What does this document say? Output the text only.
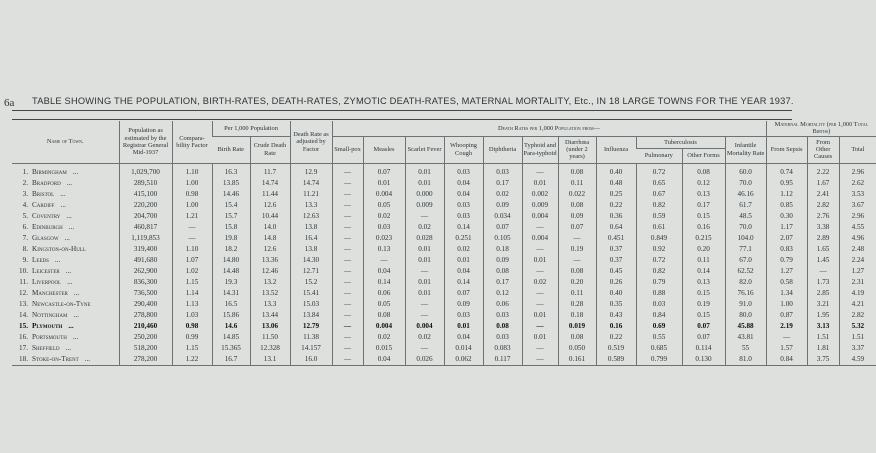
6a TABLE SHOWING THE POPULATION, BIRTH-RATES, DEATH-RATES, ZYMOTIC DEATH-RATES, MATERNAL MORTALITY, Etc., IN 18 LARGE TOWNS FOR THE YEAR 1937.
Name of Town.	Population as estimated by the Registrar General Mid-1937	Compara-bility Factor	Per 1,000 Population		Death Rate as adjusted by Factor	Death Rates per 1,000 Population from—											Maternal Mortality (per 1,000 Total Births)		
			Birth Rate	Crude Death Rate		Small-pox	Measles	Scarlet Fever	Whooping Cough	Diphtheria	Typhoid and Para-typhoid	Diarrhœa (under 2 years)	Influenza	Tuberculosis		Infantile Mortality Rate	From Sepsis	From Other Causes	Total
														Pulmonary	Other Forms				
1. Birmingham ...	1,029,700	1.10	16.3	11.7	12.9	—	0.07	0.01	0.03	0.03	—	0.08	0.40	0.72	0.08	60.0	0.74	2.22	2.96
2. Bradford ...	289,510	1.00	13.85	14.74	14.74	—	0.01	0.01	0.04	0.17	0.01	0.11	0.48	0.65	0.12	70.0	0.95	1.67	2.62
3. Bristol ...	415,100	0.98	14.46	11.44	11.21	—	0.004	0.000	0.04	0.02	0.002	0.022	0.25	0.67	0.13	46.16	1.12	2.41	3.53
4. Cardiff ...	220,200	1.00	15.4	12.6	13.3	—	0.05	0.009	0.03	0.09	0.009	0.08	0.22	0.82	0.17	61.7	0.85	2.82	3.67
5. Coventry ...	204,700	1.21	15.7	10.44	12.63	—	0.02	—	0.03	0.034	0.004	0.09	0.36	0.59	0.15	48.5	0.30	2.76	2.96
6. Edinburgh ...	460,817	—	15.8	14.0	13.8	—	0.03	0.02	0.14	0.07	—	0.07	0.64	0.61	0.16	70.0	1.17	3.38	4.55
7. Glasgow ...	1,119,853	—	19.8	14.8	16.4	—	0.023	0.028	0.251	0.105	0.004	—	0.451	0.849	0.215	104.0	2.07	2.89	4.96
8. Kingston-on-Hull	319,400	1.10	18.2	12.6	13.8	—	0.13	0.01	0.02	0.18	—	0.19	0.37	0.92	0.20	77.1	0.83	1.65	2.48
9. Leeds ...	491,680	1.07	14.80	13.36	14.30	—	—	0.01	0.01	0.09	0.01	—	0.37	0.72	0.11	67.0	0.79	1.45	2.24
10. Leicester ...	262,900	1.02	14.48	12.46	12.71	—	0.04	—	0.04	0.08	—	0.08	0.45	0.82	0.14	62.52	1.27	—	1.27
11. Liverpool ...	836,300	1.15	19.3	13.2	15.2	—	0.14	0.01	0.14	0.17	0.02	0.20	0.26	0.79	0.13	82.0	0.58	1.73	2.31
12. Manchester ...	736,500	1.14	14.31	13.52	15.41	—	0.06	0.01	0.07	0.12	—	0.11	0.40	0.88	0.15	76.16	1.34	2.85	4.19
13. Newcastle-on-Tyne	290,400	1.13	16.5	13.3	15.03	—	0.05	—	0.09	0.06	—	0.28	0.35	0.03	0.19	91.0	1.00	3.21	4.21
14. Nottingham ...	278,800	1.03	15.86	13.44	13.84	—	0.08	—	0.03	0.03	0.01	0.18	0.43	0.84	0.15	80.0	0.87	1.95	2.82
15. Plymouth ...	210,460	0.98	14.6	13.06	12.79	—	0.004	0.004	0.01	0.08	—	0.019	0.16	0.69	0.07	45.88	2.19	3.13	5.32
16. Portsmouth ...	250,200	0.99	14.85	11.50	11.38	—	0.02	0.02	0.04	0.03	0.01	0.08	0.22	0.55	0.07	43.81	—	1.51	1.51
17. Sheffield ...	518,200	1.15	15.365	12.328	14.157	—	0.015	—	0.014	0.083	—	0.050	0.519	0.685	0.114	55	1.57	1.81	3.37
18. Stoke-on-Trent ...	278,200	1.22	16.7	13.1	16.0	—	0.04	0.026	0.062	0.117	—	0.161	0.589	0.799	0.130	81.0	0.84	3.75	4.59
